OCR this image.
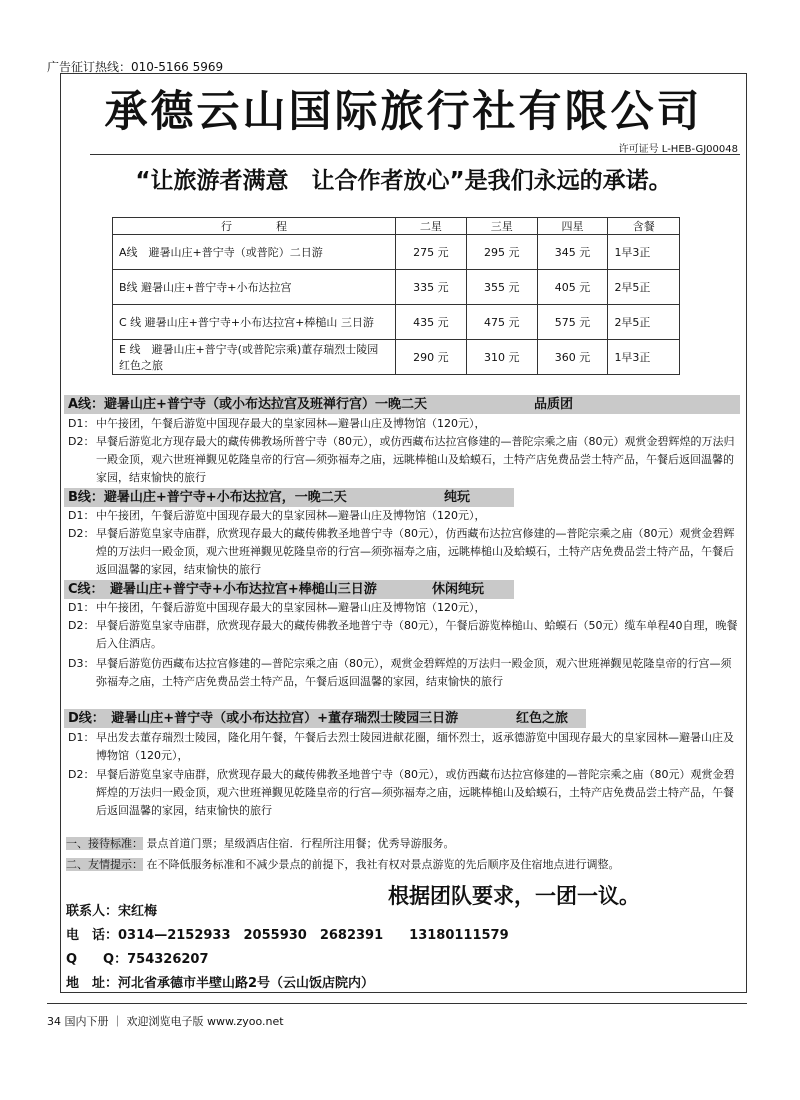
广告征订热线：010-5166 5969
承德云山国际旅行社有限公司
许可证号 L-HEB-GJ00048
“让旅游者满意　让合作者放心”是我们永远的承诺。
行　　　　程	二星	三星	四星	含餐
A线　避暑山庄+普宁寺（或普陀）二日游	275 元	295 元	345 元	1早3正
B线 避暑山庄+普宁寺+小布达拉宫	335 元	355 元	405 元	2早5正
C 线 避暑山庄+普宁寺+小布达拉宫+棒槌山 三日游	435 元	475 元	575 元	2早5正
E 线　避暑山庄+普宁寺(或普陀宗乘)董存瑞烈士陵园　红色之旅	290 元	310 元	360 元	1早3正
A线：避暑山庄+普宁寺（或小布达拉宫及班禅行宫）一晚二天	品质团
D1： 中午接团，午餐后游览中国现存最大的皇家园林—避暑山庄及博物馆（120元），
D2： 早餐后游览北方现存最大的藏传佛教场所普宁寺（80元），或仿西藏布达拉宫修建的—普陀宗乘之庙（80元）观赏金碧辉煌的万法归一殿金顶，观六世班禅觐见乾隆皇帝的行宫—须弥福寿之庙，远眺棒槌山及蛤蟆石，土特产店免费品尝土特产品，午餐后返回温馨的家园，结束愉快的旅行
B线：避暑山庄+普宁寺+小布达拉宫，一晚二天	纯玩
D1： 中午接团，午餐后游览中国现存最大的皇家园林—避暑山庄及博物馆（120元），
D2： 早餐后游览皇家寺庙群，欣赏现存最大的藏传佛教圣地普宁寺（80元），仿西藏布达拉宫修建的—普陀宗乘之庙（80元）观赏金碧辉煌的万法归一殿金顶，观六世班禅觐见乾隆皇帝的行宫—须弥福寿之庙，远眺棒槌山及蛤蟆石，土特产店免费品尝土特产品，午餐后返回温馨的家园，结束愉快的旅行
C线：　避暑山庄+普宁寺+小布达拉宫+棒槌山三日游	休闲纯玩
D1： 中午接团，午餐后游览中国现存最大的皇家园林—避暑山庄及博物馆（120元），
D2： 早餐后游览皇家寺庙群，欣赏现存最大的藏传佛教圣地普宁寺（80元），午餐后游览棒槌山、蛤蟆石（50元）缆车单程40自理，晚餐后入住酒店。
D3： 早餐后游览仿西藏布达拉宫修建的—普陀宗乘之庙（80元），观赏金碧辉煌的万法归一殿金顶，观六世班禅觐见乾隆皇帝的行宫—须弥福寿之庙，土特产店免费品尝土特产品，午餐后返回温馨的家园，结束愉快的旅行
D线：　避暑山庄+普宁寺（或小布达拉宫）+董存瑞烈士陵园三日游	红色之旅
D1： 早出发去董存瑞烈士陵园，隆化用午餐，午餐后去烈士陵园进献花圈，缅怀烈士，返承德游览中国现存最大的皇家园林—避暑山庄及博物馆（120元），
D2： 早餐后游览皇家寺庙群，欣赏现存最大的藏传佛教圣地普宁寺（80元），或仿西藏布达拉宫修建的—普陀宗乘之庙（80元）观赏金碧辉煌的万法归一殿金顶，观六世班禅觐见乾隆皇帝的行宫—须弥福寿之庙，远眺棒槌山及蛤蟆石，土特产店免费品尝土特产品，午餐后返回温馨的家园，结束愉快的旅行
一、接待标准： 景点首道门票；星级酒店住宿．行程所注用餐；优秀导游服务。
二、友情提示： 在不降低服务标准和不减少景点的前提下，我社有权对景点游览的先后顺序及住宿地点进行调整。
联系人：宋红梅
电　话：0314—2152933　2055930　2682391　　13180111579
Q　　Q：754326207
地　址：河北省承德市半壁山路2号（云山饭店院内）
根据团队要求，一团一议。
34 国内下册 ｜ 欢迎浏览电子版 www.zyoo.net
